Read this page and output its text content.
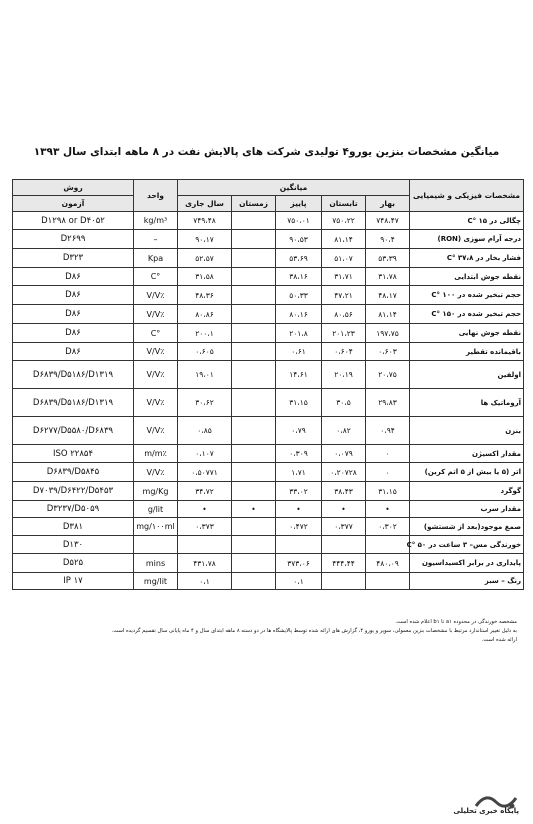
میانگین مشخصات بنزین یورو۴ تولیدی شرکت های پالایش نفت در ۸ ماهه ابتدای سال ۱۳۹۳
مشخصات فیزیکی و شیمیایی	میانگین					واحد	روش
	بهار	تابستان	پاییز	زمستان	سال جاری		آزمون
چگالی در C° ۱۵	۷۴۸،۴۷	۷۵۰،۲۲	۷۵۰،۰۱		۷۴۹،۴۸	kg/m³	D۱۲۹۸ or D۴۰۵۲
درجه آرام سوزی (RON)	۹۰،۴	۸۱،۱۴	۹۰،۵۳		۹۰،۱۷	–	D۲۶۹۹
فشار بخار در C° ۳۷،۸	۵۳،۳۹	۵۱،۰۷	۵۳،۶۹		۵۲،۵۷	Kpa	D۳۲۳
نقطه جوش ابتدایی	۳۱،۷۸	۳۱،۷۱	۳۸،۱۶		۳۱،۵۸	C°	D۸۶
حجم تبخیر شده در C° ۱۰۰	۴۸،۱۷	۴۷،۲۱	۵۰،۳۳		۴۸،۳۶	V/V٪	D۸۶
حجم تبخیر شده در C° ۱۵۰	۸۱،۱۴	۸۰،۵۶	۸۰،۱۶		۸۰،۸۶	V/V٪	D۸۶
نقطه جوش نهایی	۱۹۷،۷۵	۲۰۱،۲۳	۲۰۱،۸		۲۰۰،۱	C°	D۸۶
باقیمانده تقطیر	۰،۶۰۳	۰،۶۰۴	۰،۶۱		۰،۶۰۵	V/V٪	D۸۶
اولفین	۲۰،۷۵	۲۰،۱۹	۱۴،۶۱		۱۹،۰۱	V/V٪	D۶۸۳۹/D۵۱۸۶/D۱۳۱۹
آروماتیک ها	۲۹،۸۳	۳۰،۵	۳۱،۱۵		۳۰،۶۲	V/V٪	D۶۸۳۹/D۵۱۸۶/D۱۳۱۹
بنزن	۰،۹۴	۰،۸۲	۰،۷۹		۰،۸۵	V/V٪	D۶۲۷۷/D۵۵۸۰/D۶۸۳۹
مقدار اکسیژن	۰	۰،۰۷۹	۰،۳۰۹		۰،۱۰۷	m/m٪	ISO ۲۲۸۵۴
اتر (۵ یا بیش از ۵ اتم کربن)	۰	۰،۲۰۷۲۸	۱،۷۱		۰،۵۰۷۷۱	V/V٪	D۶۸۳۹/D۵۸۴۵
گوگرد	۳۱،۱۵	۳۸،۴۳	۳۳،۰۲		۳۴،۷۲	mg/Kg	D۷۰۳۹/D۶۴۲۲/D۵۴۵۳
مقدار سرب	•	•	•	•	•	g/lit	D۳۲۳۷/D۵۰۵۹
صمغ موجود(بعد از شستشو)	۰،۳۰۲	۰،۳۷۷	۰،۴۷۲		۰،۳۷۳	mg/۱۰۰ml	D۳۸۱
خورندگی مس– ۳ ساعت در C° ۵۰							D۱۳۰
پایداری در برابر اکسیداسیون	۴۸۰،۰۹	۴۴۴،۴۴	۳۷۳،۰۶		۴۳۱،۷۸	mins	D۵۲۵
رنگ – سبز			۰،۱		۰،۱	mg/lit	IP ۱۷
مشخصه خورندگی در محدوده a۱ تا b۱ اعلام شده است.
به دلیل تغییر استاندارد مرتبط با مشخصات بنزین معمولی، سوپر و یورو ۴، گزارش های ارائه شده توسط پالایشگاه ها در دو دسته ۸ ماهه ابتدای سال و ۴ ماه پایانی سال تقسیم گردیده است.
ارائه شده است.
پایگاه خبری تحلیلی
